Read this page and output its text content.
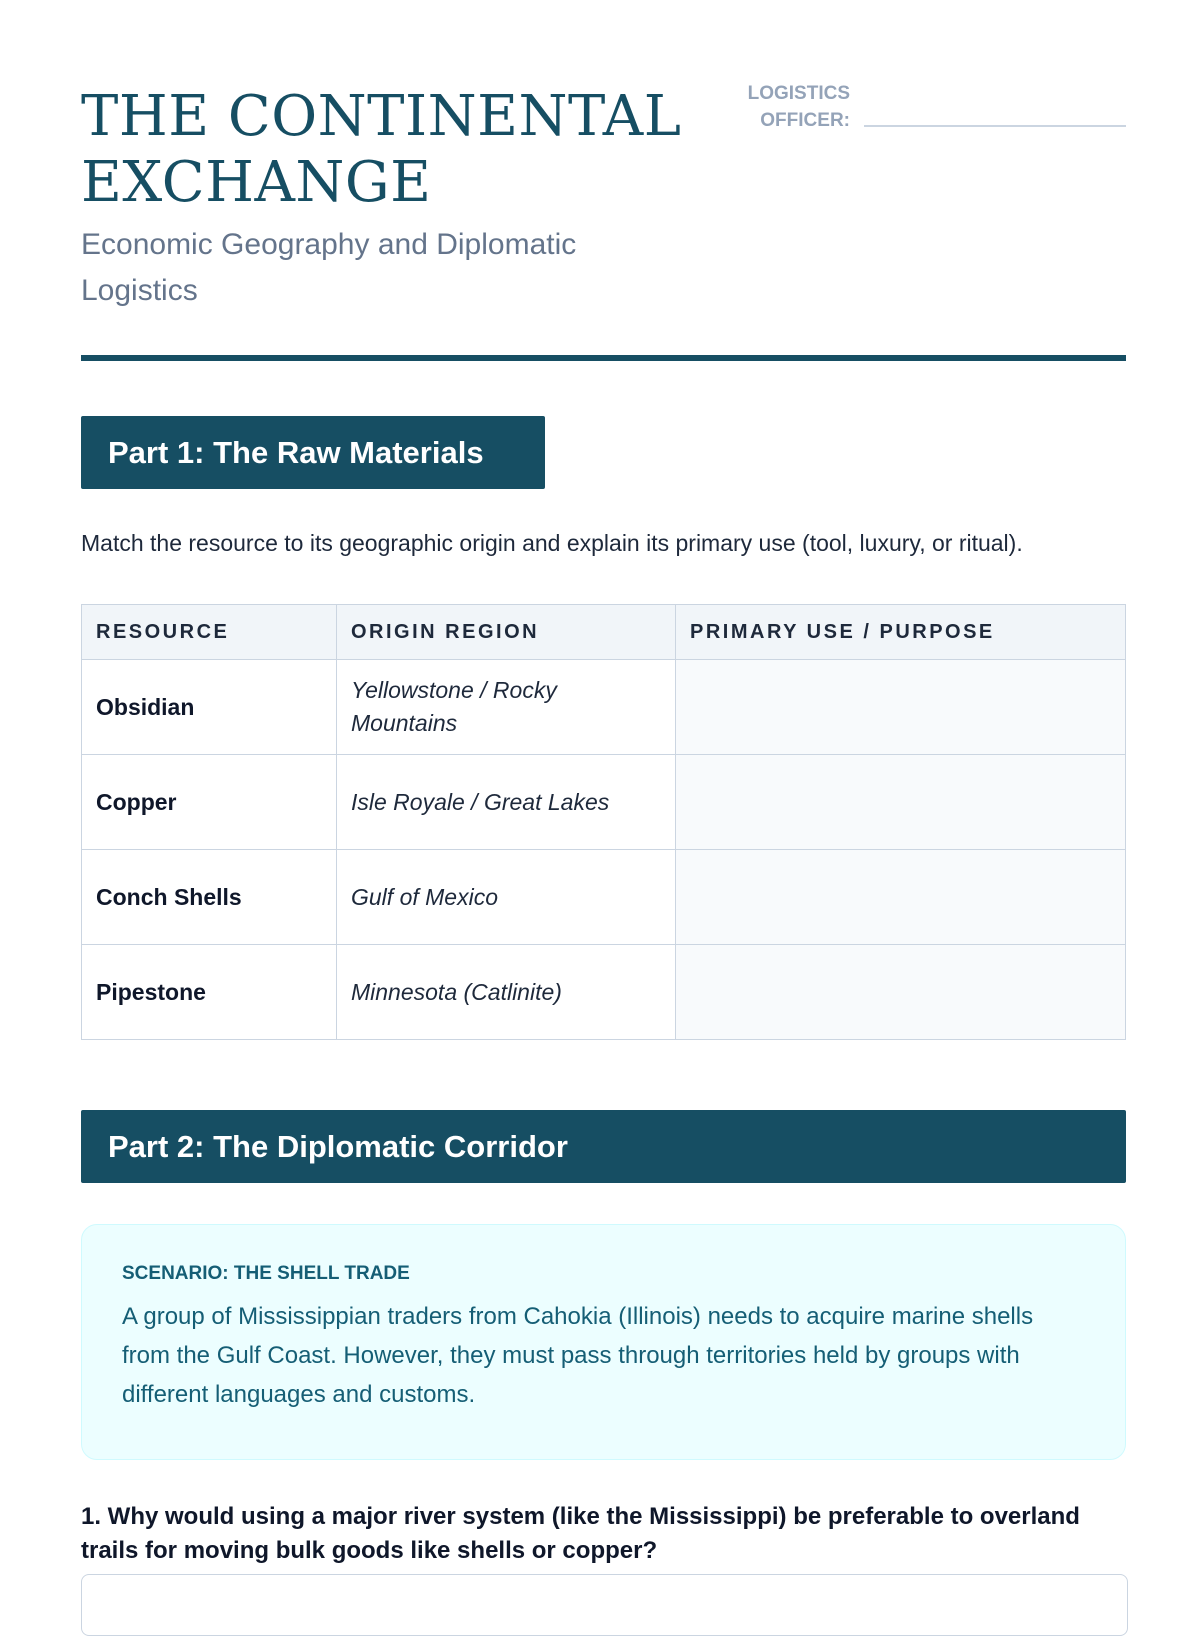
THE CONTINENTAL EXCHANGE
Economic Geography and Diplomatic Logistics
LOGISTICS OFFICER:
Part 1: The Raw Materials
Match the resource to its geographic origin and explain its primary use (tool, luxury, or ritual).
RESOURCE	ORIGIN REGION	PRIMARY USE / PURPOSE
Obsidian	Yellowstone / Rocky Mountains	
Copper	Isle Royale / Great Lakes	
Conch Shells	Gulf of Mexico	
Pipestone	Minnesota (Catlinite)	
Part 2: The Diplomatic Corridor
SCENARIO: THE SHELL TRADE
A group of Mississippian traders from Cahokia (Illinois) needs to acquire marine shells from the Gulf Coast. However, they must pass through territories held by groups with different languages and customs.
1. Why would using a major river system (like the Mississippi) be preferable to overland trails for moving bulk goods like shells or copper?
